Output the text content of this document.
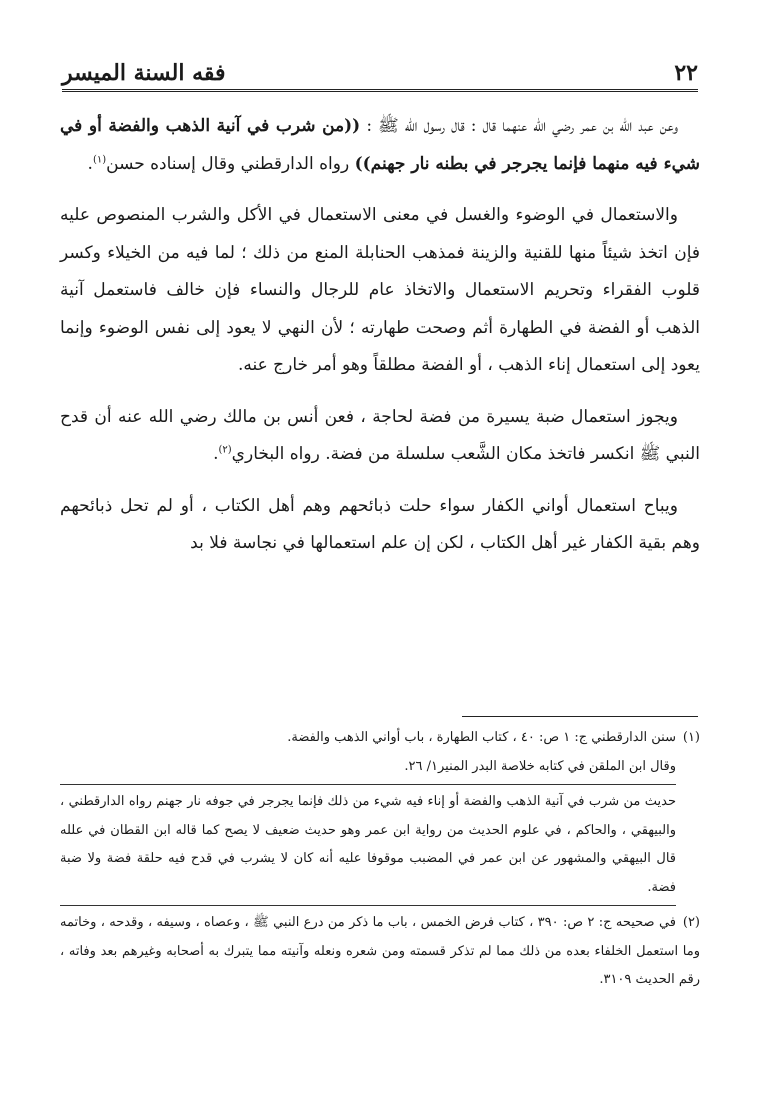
٢٢
فقه السنة الميسر

وعن عبد الله بن عمر رضي الله عنهما قال : قال رسول الله ﷺ : ((من شرب في آنية الذهب والفضة أو في شيء فيه منهما فإنما يجرجر في بطنه نار جهنم)) رواه الدارقطني وقال إسناده حسن$^{(١)}$.

والاستعمال في الوضوء والغسل في معنى الاستعمال في الأكل والشرب المنصوص عليه فإن اتخذ شيئاً منها للقنية والزينة فمذهب الحنابلة المنع من ذلك ؛ لما فيه من الخيلاء وكسر قلوب الفقراء وتحريم الاستعمال والاتخاذ عام للرجال والنساء فإن خالف فاستعمل آنية الذهب أو الفضة في الطهارة أثم وصحت طهارته ؛ لأن النهي لا يعود إلى نفس الوضوء وإنما يعود إلى استعمال إناء الذهب ، أو الفضة مطلقاً وهو أمر خارج عنه.

ويجوز استعمال ضبة يسيرة من فضة لحاجة ، فعن أنس بن مالك رضي الله عنه أن قدح النبي ﷺ انكسر فاتخذ مكان الشَّعب سلسلة من فضة. رواه البخاري$^{(٢)}$.

ويباح استعمال أواني الكفار سواء حلت ذبائحهم وهم أهل الكتاب ، أو لم تحل ذبائحهم وهم بقية الكفار غير أهل الكتاب ، لكن إن علم استعمالها في نجاسة فلا بد

(١)سنن الدارقطني ج: ١ ص: ٤٠ ، كتاب الطهارة ، باب أواني الذهب والفضة.

وقال ابن الملقن في كتابه خلاصة البدر المنير١/ ٢٦.

حديث من شرب في آنية الذهب والفضة أو إناء فيه شيء من ذلك فإنما يجرجر في جوفه نار جهنم رواه الدارقطني ، والبيهقي ، والحاكم ، في علوم الحديث من رواية ابن عمر وهو حديث ضعيف لا يصح كما قاله ابن القطان في علله قال البيهقي والمشهور عن ابن عمر في المضبب موقوفا عليه أنه كان لا يشرب في قدح فيه حلقة فضة ولا ضبة فضة.

(٢)في صحيحه ج: ٢ ص: ٣٩٠ ، كتاب فرض الخمس ، باب ما ذكر من درع النبي ﷺ ، وعصاه ، وسيفه ، وقدحه ، وخاتمه وما استعمل الخلفاء بعده من ذلك مما لم تذكر قسمته ومن شعره ونعله وآنيته مما يتبرك به أصحابه وغيرهم بعد وفاته ، رقم الحديث ٣١٠٩.
